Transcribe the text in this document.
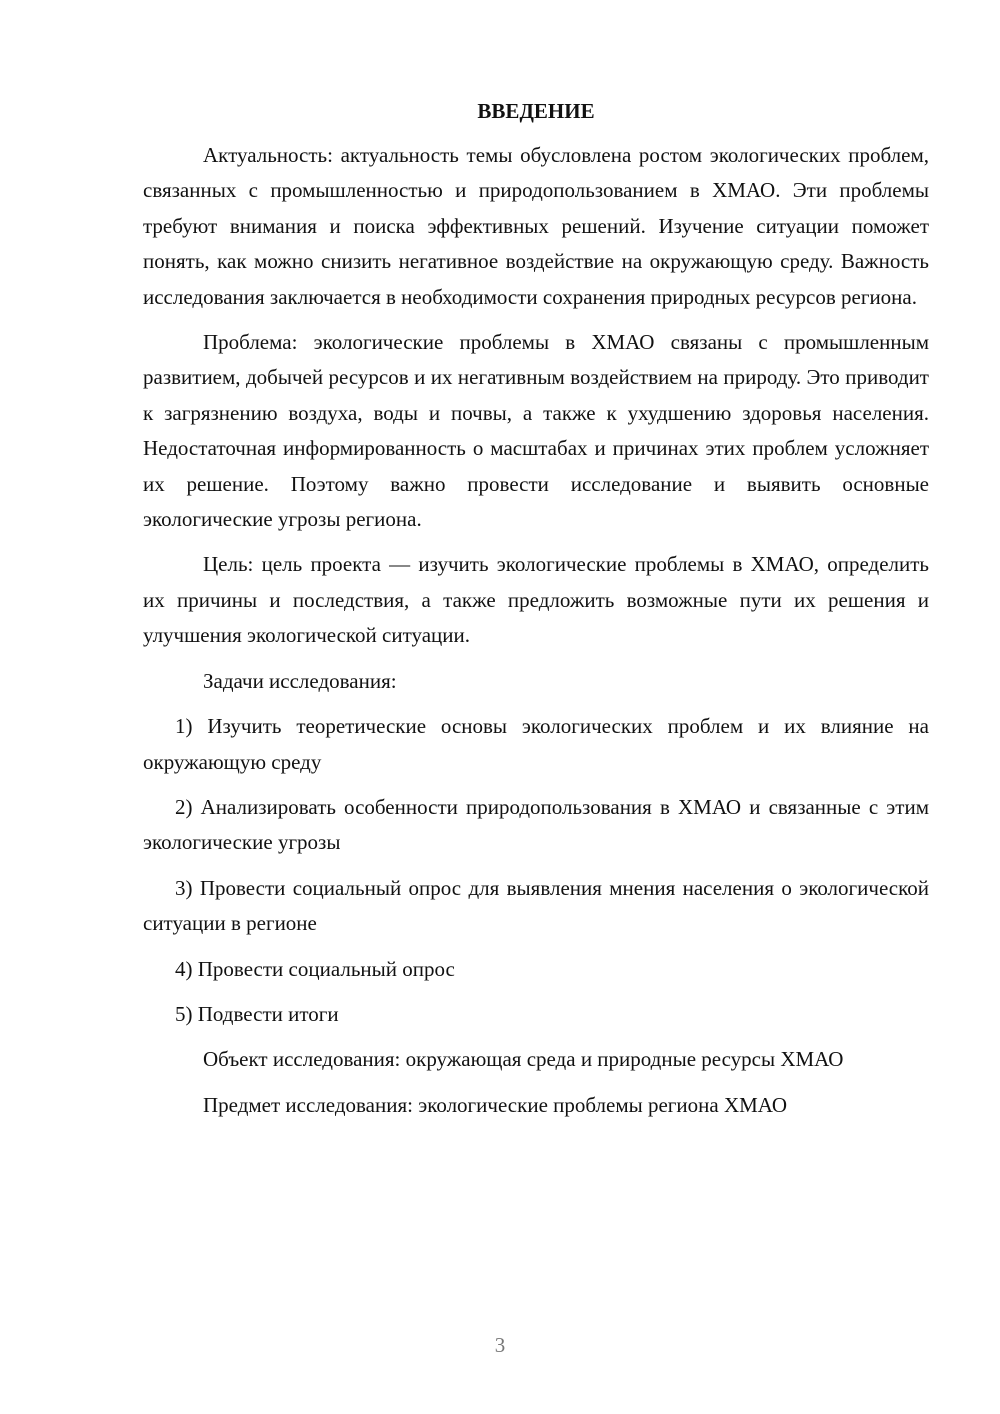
ВВЕДЕНИЕ

Актуальность: актуальность темы обусловлена ростом экологических проблем, связанных с промышленностью и природопользованием в ХМАО. Эти проблемы требуют внимания и поиска эффективных решений. Изучение ситуации поможет понять, как можно снизить негативное воздействие на окружающую среду. Важность исследования заключается в необходимости сохранения природных ресурсов региона.

Проблема: экологические проблемы в ХМАО связаны с промышленным развитием, добычей ресурсов и их негативным воздействием на природу. Это приводит к загрязнению воздуха, воды и почвы, а также к ухудшению здоровья населения. Недостаточная информированность о масштабах и причинах этих проблем усложняет их решение. Поэтому важно провести исследование и выявить основные экологические угрозы региона.

Цель: цель проекта — изучить экологические проблемы в ХМАО, определить их причины и последствия, а также предложить возможные пути их решения и улучшения экологической ситуации.

Задачи исследования:

1) Изучить теоретические основы экологических проблем и их влияние на окружающую среду

2) Анализировать особенности природопользования в ХМАО и связанные с этим экологические угрозы

3) Провести социальный опрос для выявления мнения населения о экологической ситуации в регионе

4) Провести социальный опрос

5) Подвести итоги

Объект исследования: окружающая среда и природные ресурсы ХМАО

Предмет исследования: экологические проблемы региона ХМАО

3
